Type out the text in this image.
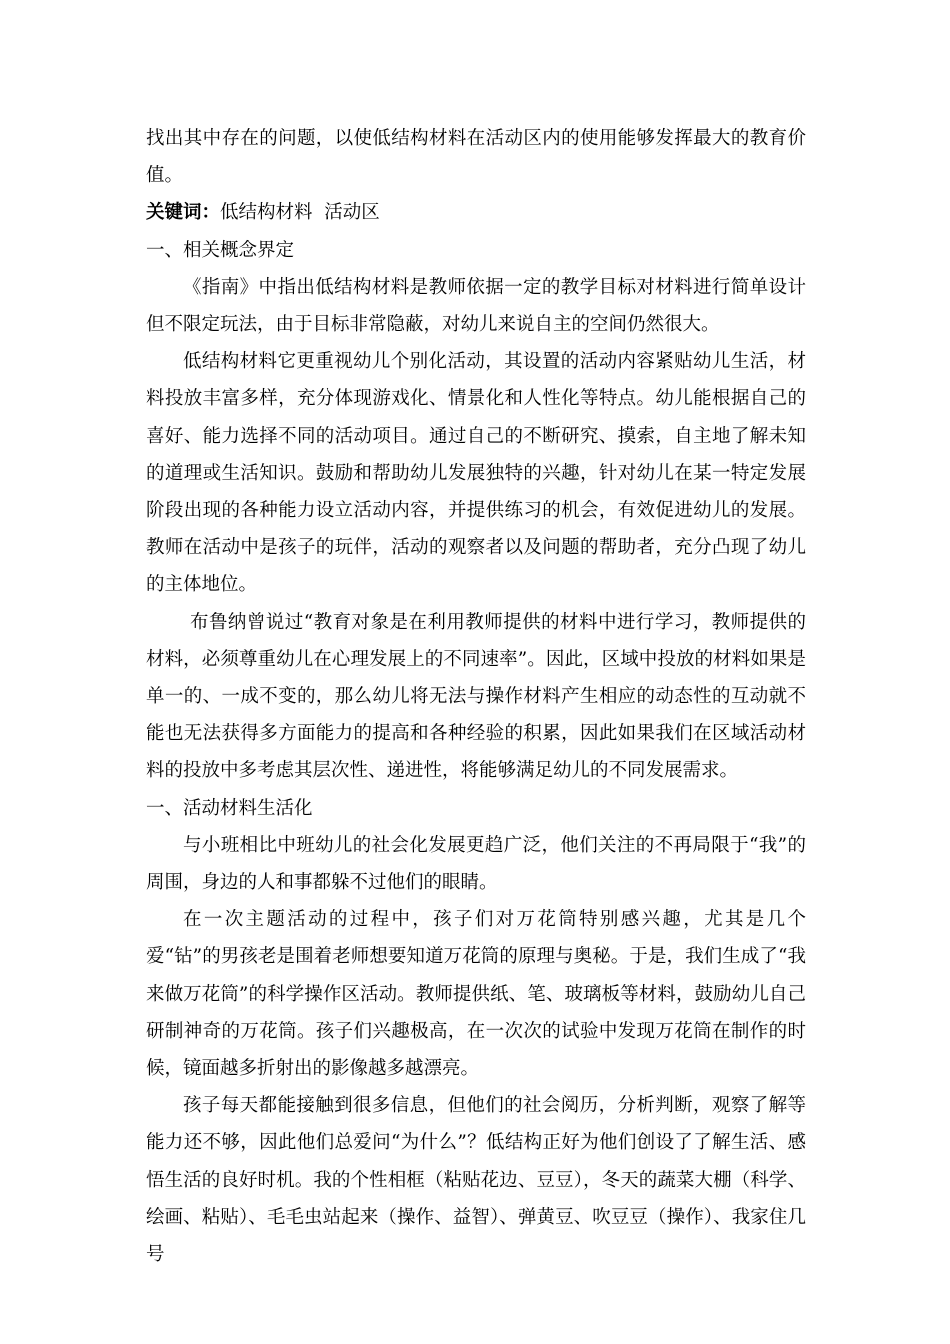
找出其中存在的问题，以使低结构材料在活动区内的使用能够发挥最大的教育价值。

关键词：低结构材料  活动区

一、相关概念界定

《指南》中指出低结构材料是教师依据一定的教学目标对材料进行简单设计但不限定玩法，由于目标非常隐蔽，对幼儿来说自主的空间仍然很大。

低结构材料它更重视幼儿个别化活动，其设置的活动内容紧贴幼儿生活，材料投放丰富多样，充分体现游戏化、情景化和人性化等特点。幼儿能根据自己的喜好、能力选择不同的活动项目。通过自己的不断研究、摸索，自主地了解未知的道理或生活知识。鼓励和帮助幼儿发展独特的兴趣，针对幼儿在某一特定发展阶段出现的各种能力设立活动内容，并提供练习的机会，有效促进幼儿的发展。教师在活动中是孩子的玩伴，活动的观察者以及问题的帮助者，充分凸现了幼儿的主体地位。

布鲁纳曾说过“教育对象是在利用教师提供的材料中进行学习，教师提供的材料，必须尊重幼儿在心理发展上的不同速率”。因此，区域中投放的材料如果是单一的、一成不变的，那么幼儿将无法与操作材料产生相应的动态性的互动就不能也无法获得多方面能力的提高和各种经验的积累，因此如果我们在区域活动材料的投放中多考虑其层次性、递进性，将能够满足幼儿的不同发展需求。

一、活动材料生活化

与小班相比中班幼儿的社会化发展更趋广泛，他们关注的不再局限于“我”的周围，身边的人和事都躲不过他们的眼睛。

在一次主题活动的过程中，孩子们对万花筒特别感兴趣，尤其是几个爱“钻”的男孩老是围着老师想要知道万花筒的原理与奥秘。于是，我们生成了“我来做万花筒”的科学操作区活动。教师提供纸、笔、玻璃板等材料，鼓励幼儿自己研制神奇的万花筒。孩子们兴趣极高，在一次次的试验中发现万花筒在制作的时候，镜面越多折射出的影像越多越漂亮。

孩子每天都能接触到很多信息，但他们的社会阅历，分析判断，观察了解等能力还不够，因此他们总爱问“为什么”？低结构正好为他们创设了了解生活、感悟生活的良好时机。我的个性相框（粘贴花边、豆豆），冬天的蔬菜大棚（科学、绘画、粘贴）、毛毛虫站起来（操作、益智）、弹黄豆、吹豆豆（操作）、我家住几号
